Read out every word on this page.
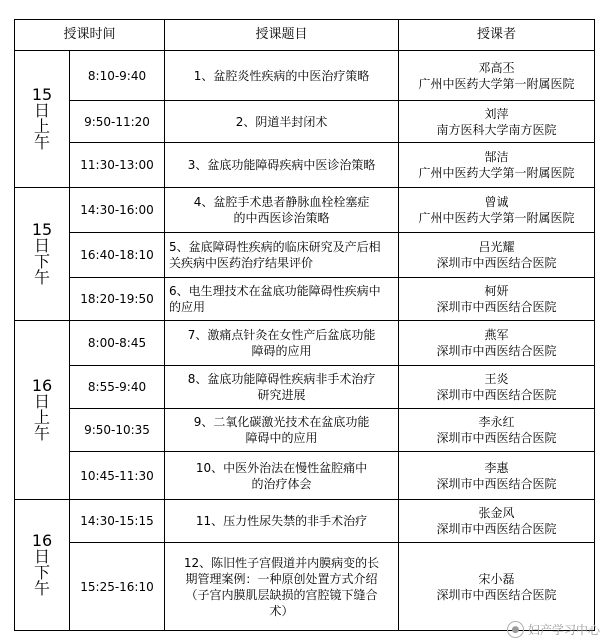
授课时间		授课题目	授课者

15
日
上
午	8:10-9:40	1、盆腔炎性疾病的中医治疗策略	邓高丕
广州中医药大学第一附属医院

	9:50-11:20	2、阴道半封闭术	刘萍
南方医科大学南方医院

	11:30-13:00	3、盆底功能障碍疾病中医诊治策略	郜洁
广州中医药大学第一附属医院

15
日
下
午	14:30-16:00	4、盆腔手术患者静脉血栓栓塞症
的中西医诊治策略	曾诚
广州中医药大学第一附属医院

	16:40-18:10	5、盆底障碍性疾病的临床研究及产后相
关疾病中医药治疗结果评价	吕光耀
深圳市中西医结合医院

	18:20-19:50	6、电生理技术在盆底功能障碍性疾病中
的应用	柯妍
深圳市中西医结合医院

16
日
上
午	8:00-8:45	7、激痛点针灸在女性产后盆底功能
障碍的应用	燕军
深圳市中西医结合医院

	8:55-9:40	8、盆底功能障碍性疾病非手术治疗
研究进展	王炎
深圳市中西医结合医院

	9:50-10:35	9、二氧化碳激光技术在盆底功能
障碍中的应用	李永红
深圳市中西医结合医院

	10:45-11:30	10、中医外治法在慢性盆腔痛中
的治疗体会	李惠
深圳市中西医结合医院

16
日
下
午	14:30-15:15	11、压力性尿失禁的非手术治疗	张金风
深圳市中西医结合医院

	15:25-16:10	12、陈旧性子宫假道并内膜病变的长
期管理案例：一种原创处置方式介绍
（子宫内膜肌层缺损的宫腔镜下缝合
术）	宋小磊
深圳市中西医结合医院
● 妇产学习中心
